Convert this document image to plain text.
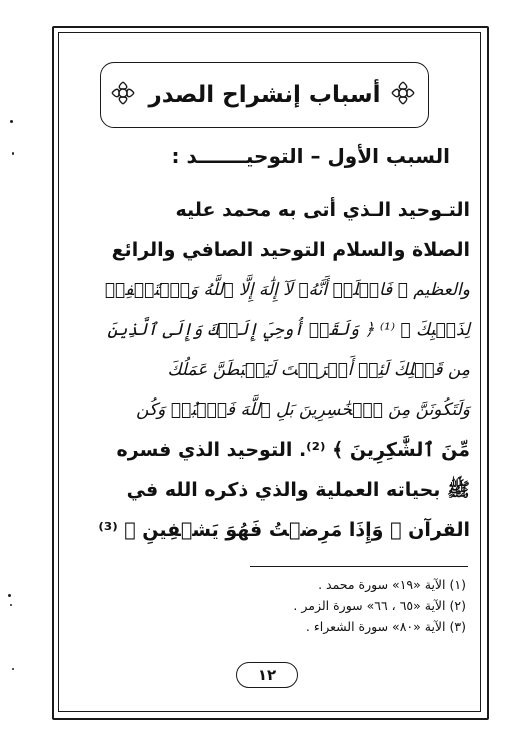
أسباب إنشراح الصدر
السبب الأول – التوحيـــــــد :
التـوحيد الـذي أتى به محمد عليه
الصلاة والسلام التوحيد الصافي والرائع
والعظيم ﴿ فَاعۡلَمۡ أَنَّهُۥ لَآ إِلَٰهَ إِلَّا ٱللَّهُ وَٱسۡتَغۡفِرۡ
لِذَنۢبِكَ ﴾ ⁽¹⁾ ﴿ وَلَقَدۡ أُوحِيَ إِلَيۡكَ وَإِلَى ٱلَّذِينَ
مِن قَبۡلِكَ لَئِنۡ أَشۡرَكۡتَ لَيَحۡبَطَنَّ عَمَلُكَ
وَلَتَكُونَنَّ مِنَ ٱلۡخَٰسِرِينَ بَلِ ٱللَّهَ فَٱعۡبُدۡ وَكُن
مِّنَ ٱلشَّٰكِرِينَ ﴾ ⁽²⁾. التوحيد الذي فسره
ﷺ بحياته العملية والذي ذكره الله في
القرآن ﴿ وَإِذَا مَرِضۡتُ فَهُوَ يَشۡفِينِ ﴾ ⁽³⁾
(١) الآية «١٩» سورة محمد .
(٢) الآية «٦٥ ، ٦٦» سورة الزمر .
(٣) الآية «٨٠» سورة الشعراء .
١٢
